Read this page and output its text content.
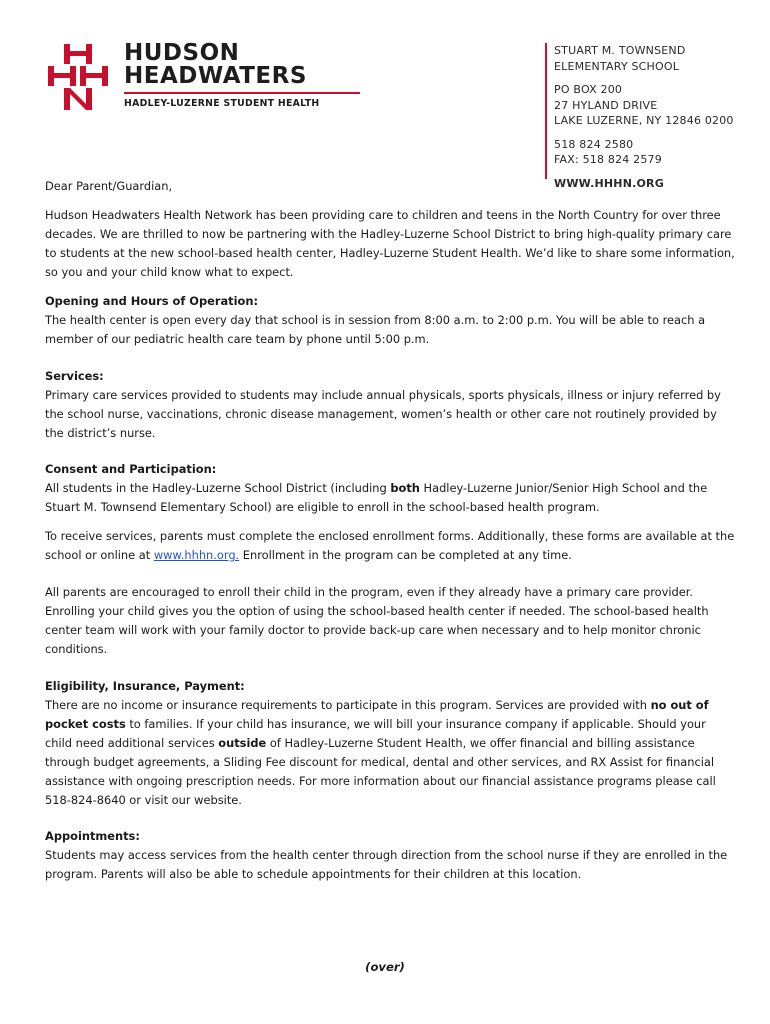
HUDSON
HEADWATERS
HADLEY-LUZERNE STUDENT HEALTH
STUART M. TOWNSEND
ELEMENTARY SCHOOL
PO BOX 200
27 HYLAND DRIVE
LAKE LUZERNE, NY 12846 0200
518 824 2580
FAX: 518 824 2579
WWW.HHHN.ORG

Dear Parent/Guardian,

Hudson Headwaters Health Network has been providing care to children and teens in the North Country for over three decades. We are thrilled to now be partnering with the Hadley-Luzerne School District to bring high-quality primary care to students at the new school-based health center, Hadley-Luzerne Student Health. We’d like to share some information, so you and your child know what to expect.

Opening and Hours of Operation:

The health center is open every day that school is in session from 8:00 a.m. to 2:00 p.m. You will be able to reach a member of our pediatric health care team by phone until 5:00 p.m.

Services:

Primary care services provided to students may include annual physicals, sports physicals, illness or injury referred by the school nurse, vaccinations, chronic disease management, women’s health or other care not routinely provided by the district’s nurse.

Consent and Participation:

All students in the Hadley-Luzerne School District (including both Hadley-Luzerne Junior/Senior High School and the Stuart M. Townsend Elementary School) are eligible to enroll in the school-based health program.

To receive services, parents must complete the enclosed enrollment forms. Additionally, these forms are available at the school or online at www.hhhn.org. Enrollment in the program can be completed at any time.

All parents are encouraged to enroll their child in the program, even if they already have a primary care provider. Enrolling your child gives you the option of using the school-based health center if needed. The school-based health center team will work with your family doctor to provide back-up care when necessary and to help monitor chronic conditions.

Eligibility, Insurance, Payment:

There are no income or insurance requirements to participate in this program. Services are provided with no out of pocket costs to families. If your child has insurance, we will bill your insurance company if applicable. Should your child need additional services outside of Hadley-Luzerne Student Health, we offer financial and billing assistance through budget agreements, a Sliding Fee discount for medical, dental and other services, and RX Assist for financial assistance with ongoing prescription needs. For more information about our financial assistance programs please call 518-824-8640 or visit our website.

Appointments:

Students may access services from the health center through direction from the school nurse if they are enrolled in the program. Parents will also be able to schedule appointments for their children at this location.

(over)
